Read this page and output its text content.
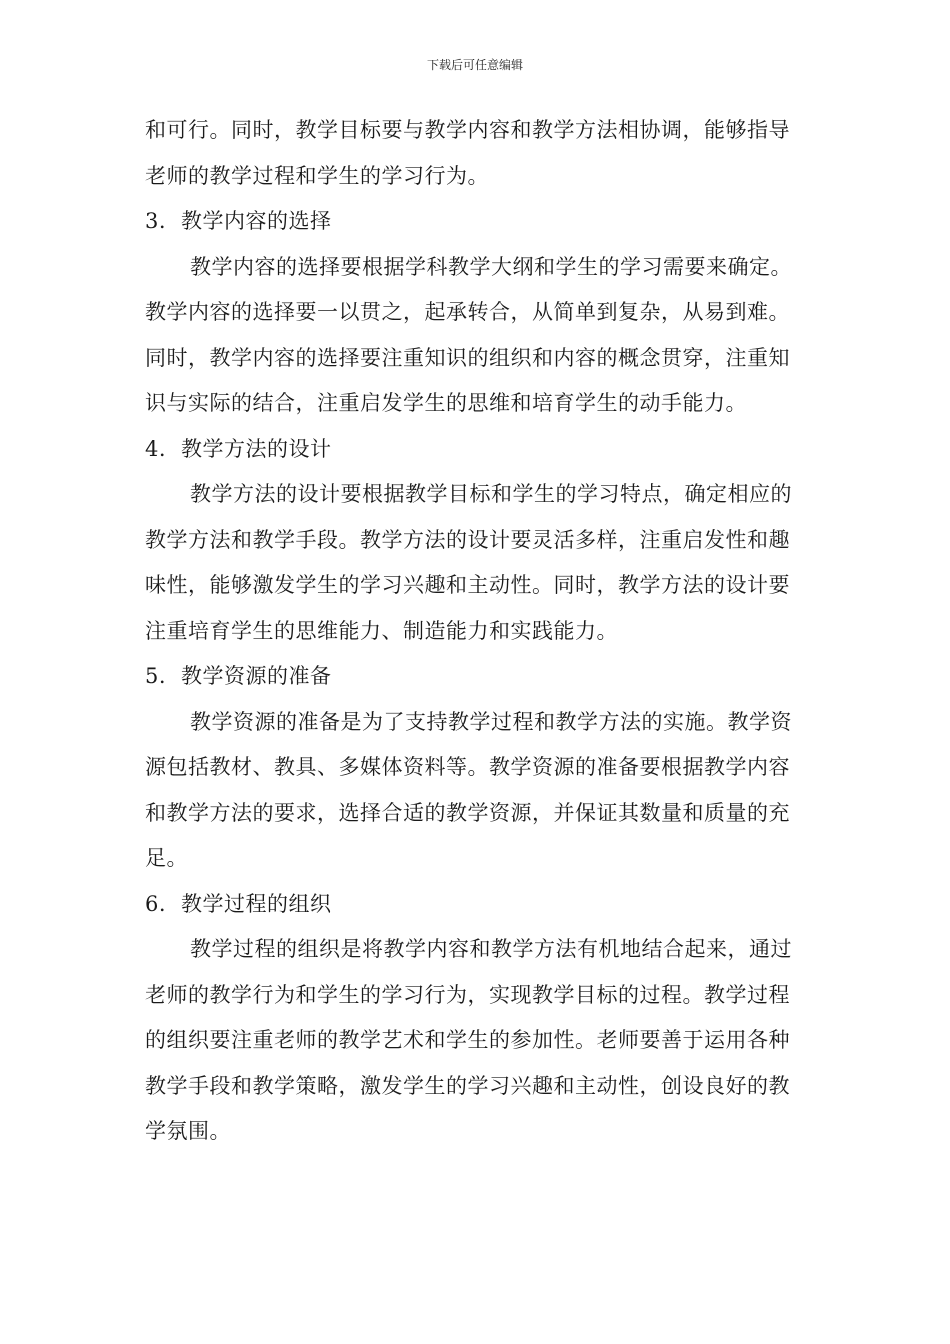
下载后可任意编辑

和可行。同时，教学目标要与教学内容和教学方法相协调，能够指导老师的教学过程和学生的学习行为。

3. 教学内容的选择

教学内容的选择要根据学科教学大纲和学生的学习需要来确定。教学内容的选择要一以贯之，起承转合，从简单到复杂，从易到难。同时，教学内容的选择要注重知识的组织和内容的概念贯穿，注重知识与实际的结合，注重启发学生的思维和培育学生的动手能力。

4. 教学方法的设计

教学方法的设计要根据教学目标和学生的学习特点，确定相应的教学方法和教学手段。教学方法的设计要灵活多样，注重启发性和趣味性，能够激发学生的学习兴趣和主动性。同时，教学方法的设计要注重培育学生的思维能力、制造能力和实践能力。

5. 教学资源的准备

教学资源的准备是为了支持教学过程和教学方法的实施。教学资源包括教材、教具、多媒体资料等。教学资源的准备要根据教学内容和教学方法的要求，选择合适的教学资源，并保证其数量和质量的充足。

6. 教学过程的组织

教学过程的组织是将教学内容和教学方法有机地结合起来，通过老师的教学行为和学生的学习行为，实现教学目标的过程。教学过程的组织要注重老师的教学艺术和学生的参加性。老师要善于运用各种教学手段和教学策略，激发学生的学习兴趣和主动性，创设良好的教学氛围。
